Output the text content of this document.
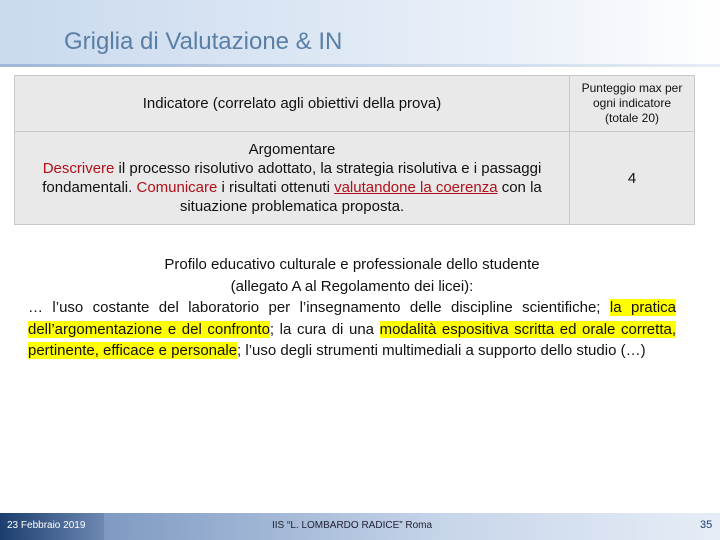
Griglia di Valutazione & IN
Indicatore (correlato agli obiettivi della prova)	Punteggio max per
ogni indicatore
(totale 20)
Argomentare
Descrivere il processo risolutivo adottato, la strategia risolutiva e i passaggi fondamentali. Comunicare i risultati ottenuti valutandone la coerenza con la situazione problematica proposta.	4
Profilo educativo culturale e professionale dello studente
(allegato A al Regolamento dei licei):
… l’uso costante del laboratorio per l’insegnamento delle discipline scientifiche; la pratica dell’argomentazione e del confronto; la cura di una modalità espositiva scritta ed orale corretta, pertinente, efficace e personale; l’uso degli strumenti multimediali a supporto dello studio (…)
23 Febbraio 2019	IIS “L. LOMBARDO RADICE” Roma	35
